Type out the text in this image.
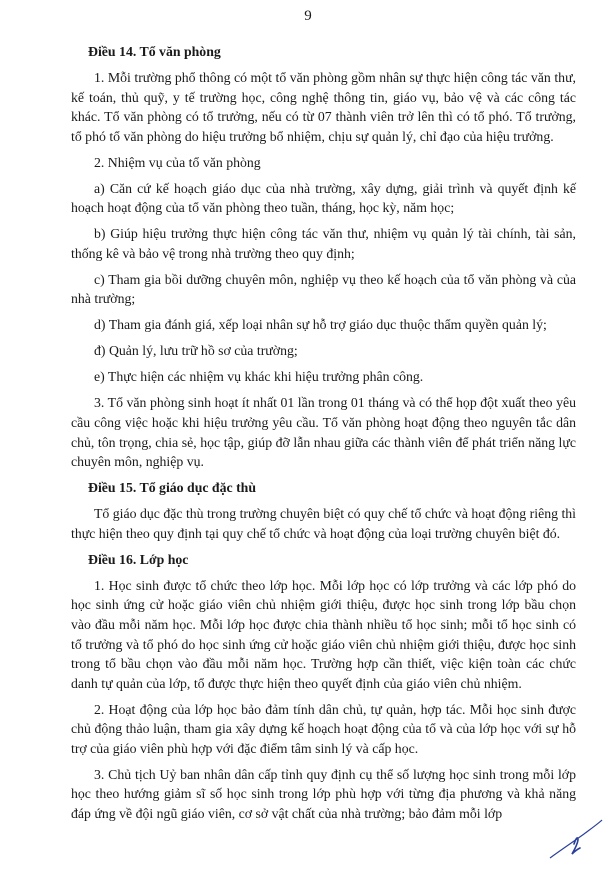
9
Điều 14. Tổ văn phòng
1. Mỗi trường phổ thông có một tổ văn phòng gồm nhân sự thực hiện công tác văn thư, kế toán, thủ quỹ, y tế trường học, công nghệ thông tin, giáo vụ, bảo vệ và các công tác khác. Tổ văn phòng có tổ trưởng, nếu có từ 07 thành viên trở lên thì có tổ phó. Tổ trưởng, tổ phó tổ văn phòng do hiệu trưởng bổ nhiệm, chịu sự quản lý, chỉ đạo của hiệu trưởng.
2. Nhiệm vụ của tổ văn phòng
a) Căn cứ kế hoạch giáo dục của nhà trường, xây dựng, giải trình và quyết định kế hoạch hoạt động của tổ văn phòng theo tuần, tháng, học kỳ, năm học;
b) Giúp hiệu trưởng thực hiện công tác văn thư, nhiệm vụ quản lý tài chính, tài sản, thống kê và bảo vệ trong nhà trường theo quy định;
c) Tham gia bồi dưỡng chuyên môn, nghiệp vụ theo kế hoạch của tổ văn phòng và của nhà trường;
d) Tham gia đánh giá, xếp loại nhân sự hỗ trợ giáo dục thuộc thẩm quyền quản lý;
đ) Quản lý, lưu trữ hồ sơ của trường;
e) Thực hiện các nhiệm vụ khác khi hiệu trưởng phân công.
3. Tổ văn phòng sinh hoạt ít nhất 01 lần trong 01 tháng và có thể họp đột xuất theo yêu cầu công việc hoặc khi hiệu trưởng yêu cầu. Tổ văn phòng hoạt động theo nguyên tắc dân chủ, tôn trọng, chia sẻ, học tập, giúp đỡ lẫn nhau giữa các thành viên để phát triển năng lực chuyên môn, nghiệp vụ.
Điều 15. Tổ giáo dục đặc thù
Tổ giáo dục đặc thù trong trường chuyên biệt có quy chế tổ chức và hoạt động riêng thì thực hiện theo quy định tại quy chế tổ chức và hoạt động của loại trường chuyên biệt đó.
Điều 16. Lớp học
1. Học sinh được tổ chức theo lớp học. Mỗi lớp học có lớp trưởng và các lớp phó do học sinh ứng cử hoặc giáo viên chủ nhiệm giới thiệu, được học sinh trong lớp bầu chọn vào đầu mỗi năm học. Mỗi lớp học được chia thành nhiều tổ học sinh; mỗi tổ học sinh có tổ trưởng và tổ phó do học sinh ứng cử hoặc giáo viên chủ nhiệm giới thiệu, được học sinh trong tổ bầu chọn vào đầu mỗi năm học. Trường hợp cần thiết, việc kiện toàn các chức danh tự quản của lớp, tổ được thực hiện theo quyết định của giáo viên chủ nhiệm.
2. Hoạt động của lớp học bảo đảm tính dân chủ, tự quản, hợp tác. Mỗi học sinh được chủ động thảo luận, tham gia xây dựng kế hoạch hoạt động của tổ và của lớp học với sự hỗ trợ của giáo viên phù hợp với đặc điểm tâm sinh lý và cấp học.
3. Chủ tịch Uỷ ban nhân dân cấp tỉnh quy định cụ thể số lượng học sinh trong mỗi lớp học theo hướng giảm sĩ số học sinh trong lớp phù hợp với từng địa phương và khả năng đáp ứng về đội ngũ giáo viên, cơ sở vật chất của nhà trường; bảo đảm mỗi lớp
